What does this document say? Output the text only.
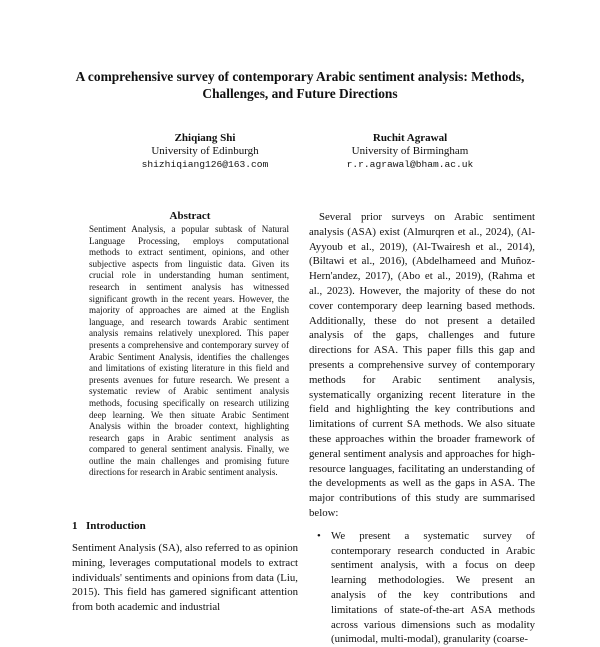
A comprehensive survey of contemporary Arabic sentiment analysis: Methods, Challenges, and Future Directions
Zhiqiang Shi
University of Edinburgh
shizhiqiang126@163.com
Ruchit Agrawal
University of Birmingham
r.r.agrawal@bham.ac.uk
Abstract
Sentiment Analysis, a popular subtask of Natural Language Processing, employs computational methods to extract sentiment, opinions, and other subjective aspects from linguistic data. Given its crucial role in understanding human sentiment, research in sentiment analysis has witnessed significant growth in the recent years. However, the majority of approaches are aimed at the English language, and research towards Arabic sentiment analysis remains relatively unexplored. This paper presents a comprehensive and contemporary survey of Arabic Sentiment Analysis, identifies the challenges and limitations of existing literature in this field and presents avenues for future research. We present a systematic review of Arabic sentiment analysis methods, focusing specifically on research utilizing deep learning. We then situate Arabic Sentiment Analysis within the broader context, highlighting research gaps in Arabic sentiment analysis as compared to general sentiment analysis. Finally, we outline the main challenges and promising future directions for research in Arabic sentiment analysis.
1 Introduction
Sentiment Analysis (SA), also referred to as opinion mining, leverages computational models to extract individuals' sentiments and opinions from data (Liu, 2015). This field has gamered significant attention from both academic and industrial

Several prior surveys on Arabic sentiment analysis (ASA) exist (Almurqren et al., 2024), (Al-Ayyoub et al., 2019), (Al-Twairesh et al., 2014), (Biltawi et al., 2016), (Abdelhameed and Muñoz-Hern'andez, 2017), (Abo et al., 2019), (Rahma et al., 2023). However, the majority of these do not cover contemporary deep learning based methods. Additionally, these do not present a detailed analysis of the gaps, challenges and future directions for ASA. This paper fills this gap and presents a comprehensive survey of contemporary methods for Arabic sentiment analysis, systematically organizing recent literature in the field and highlighting the key contributions and limitations of current SA methods. We also situate these approaches within the broader framework of general sentiment analysis and approaches for high-resource languages, facilitating an understanding of the developments as well as the gaps in ASA. The major contributions of this study are summarised below:

• We present a systematic survey of contemporary research conducted in Arabic sentiment analysis, with a focus on deep learning methodologies. We present an analysis of the key contributions and limitations of state-of-the-art ASA methods across various dimensions such as modality (unimodal, multi-modal), granularity (coarse-
